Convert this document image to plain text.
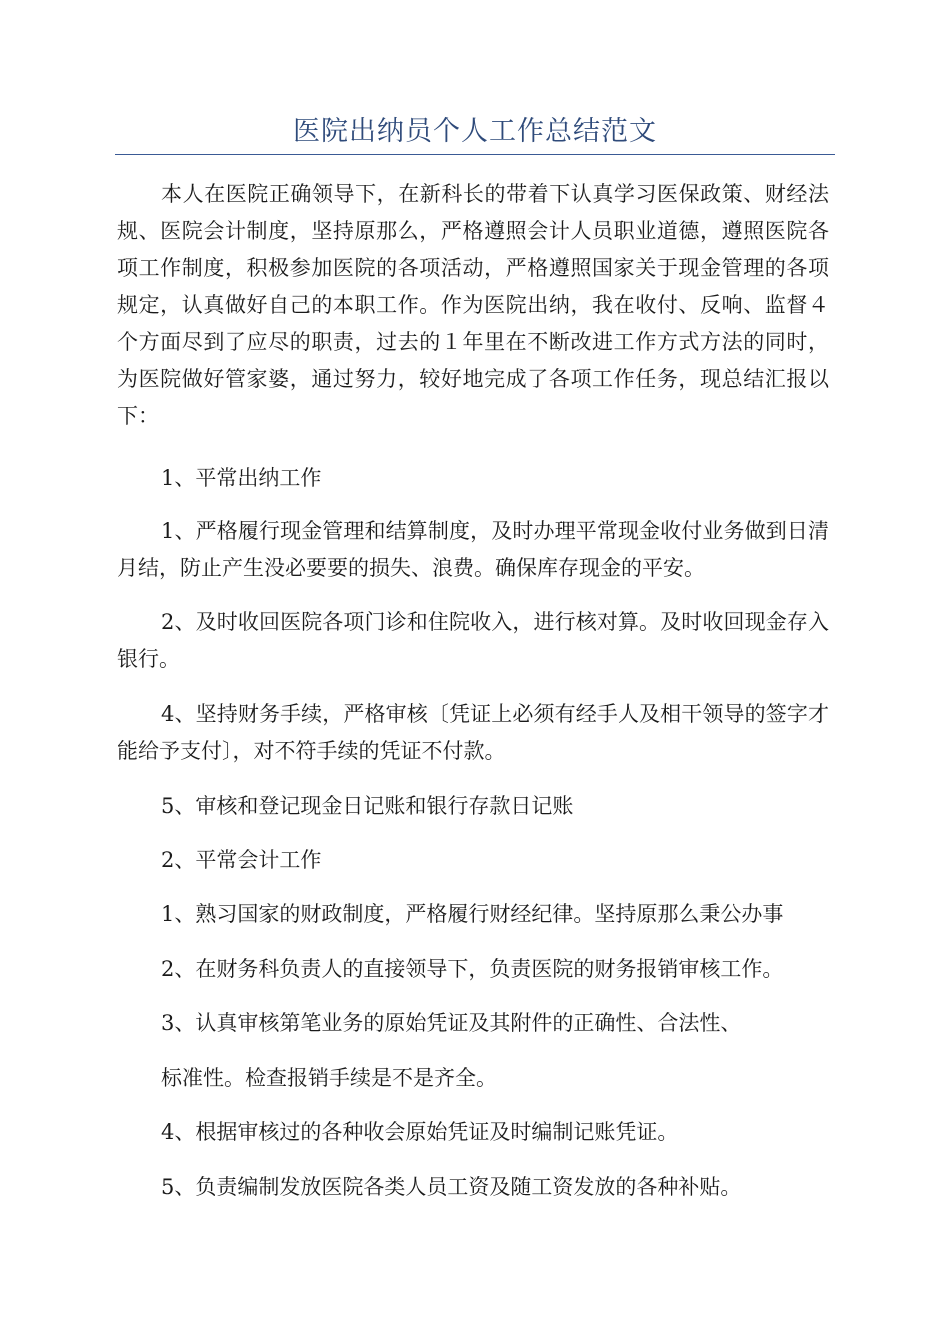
医院出纳员个人工作总结范文

本人在医院正确领导下，在新科长的带着下认真学习医保政策、财经法规、医院会计制度，坚持原那么，严格遵照会计人员职业道德，遵照医院各项工作制度，积极参加医院的各项活动，严格遵照国家关于现金管理的各项规定，认真做好自己的本职工作。作为医院出纳，我在收付、反响、监督４个方面尽到了应尽的职责，过去的１年里在不断改进工作方式方法的同时，为医院做好管家婆，通过努力，较好地完成了各项工作任务，现总结汇报以下：

1、平常出纳工作

1、严格履行现金管理和结算制度，及时办理平常现金收付业务做到日清月结，防止产生没必要要的损失、浪费。确保库存现金的平安。

2、及时收回医院各项门诊和住院收入，进行核对算。及时收回现金存入银行。

4、坚持财务手续，严格审核〔凭证上必须有经手人及相干领导的签字才能给予支付〕，对不符手续的凭证不付款。

5、审核和登记现金日记账和银行存款日记账

2、平常会计工作

1、熟习国家的财政制度，严格履行财经纪律。坚持原那么秉公办事

2、在财务科负责人的直接领导下，负责医院的财务报销审核工作。

3、认真审核第笔业务的原始凭证及其附件的正确性、合法性、

标准性。检查报销手续是不是齐全。

4、根据审核过的各种收会原始凭证及时编制记账凭证。

5、负责编制发放医院各类人员工资及随工资发放的各种补贴。
